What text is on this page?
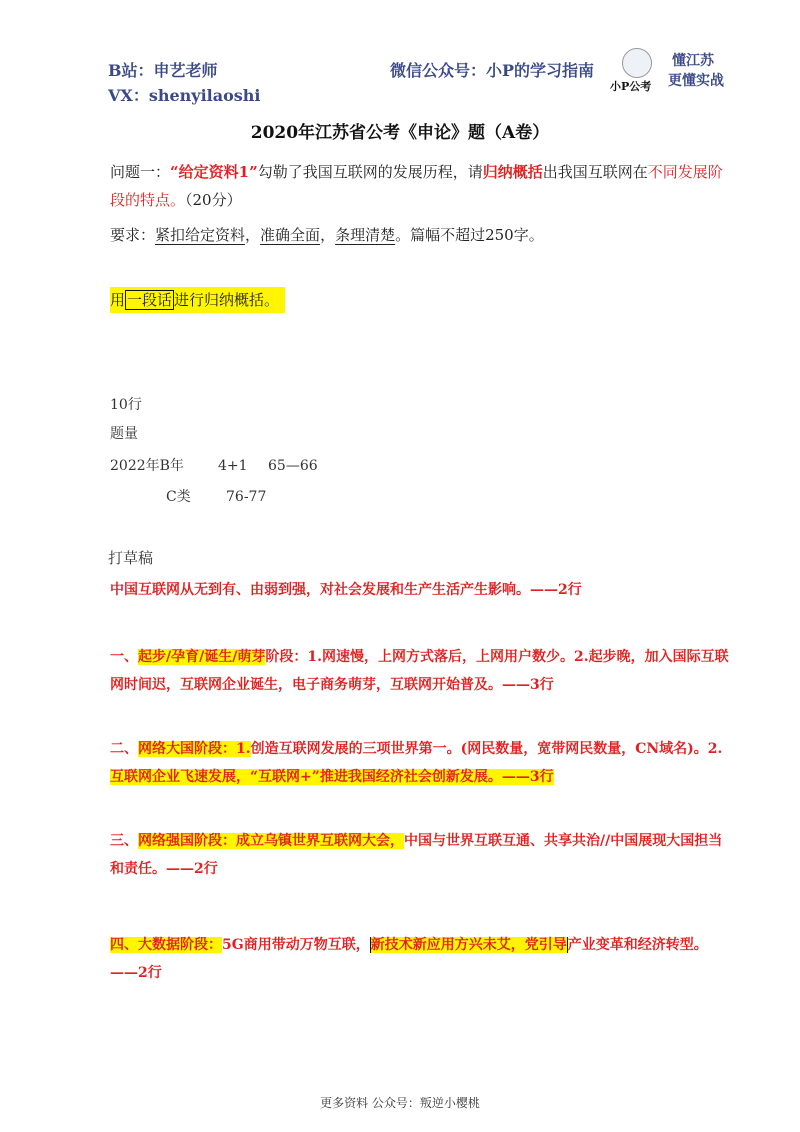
B站：申艺老师
VX：shenyilaoshi
微信公众号：小P的学习指南
小P公考
懂江苏
更懂实战
2020年江苏省公考《申论》题（A卷）
问题一：“给定资料1”勾勒了我国互联网的发展历程，请归纳概括出我国互联网在不同发展阶段的特点。（20分）
要求：紧扣给定资料，准确全面，条理清楚。篇幅不超过250字。
用 一段话 进行归纳概括。
10行
题量
2022年B年 4+1 65—66
C类	76-77
打草稿
中国互联网从无到有、由弱到强，对社会发展和生产生活产生影响。——2行
一、起步/孕育/诞生/萌芽阶段：1.网速慢，上网方式落后，上网用户数少。2.起步晚，加入国际互联网时间迟，互联网企业诞生，电子商务萌芽，互联网开始普及。——3行
二、网络大国阶段：1.创造互联网发展的三项世界第一。(网民数量，宽带网民数量，CN域名)。2.互联网企业飞速发展，“互联网+”推进我国经济社会创新发展。——3行
三、网络强国阶段：成立乌镇世界互联网大会，中国与世界互联互通、共享共治//中国展现大国担当和责任。——2行
四、大数据阶段：5G商用带动万物互联，新技术新应用方兴未艾，党引导产业变革和经济转型。——2行
更多资料 公众号：叛逆小樱桃
